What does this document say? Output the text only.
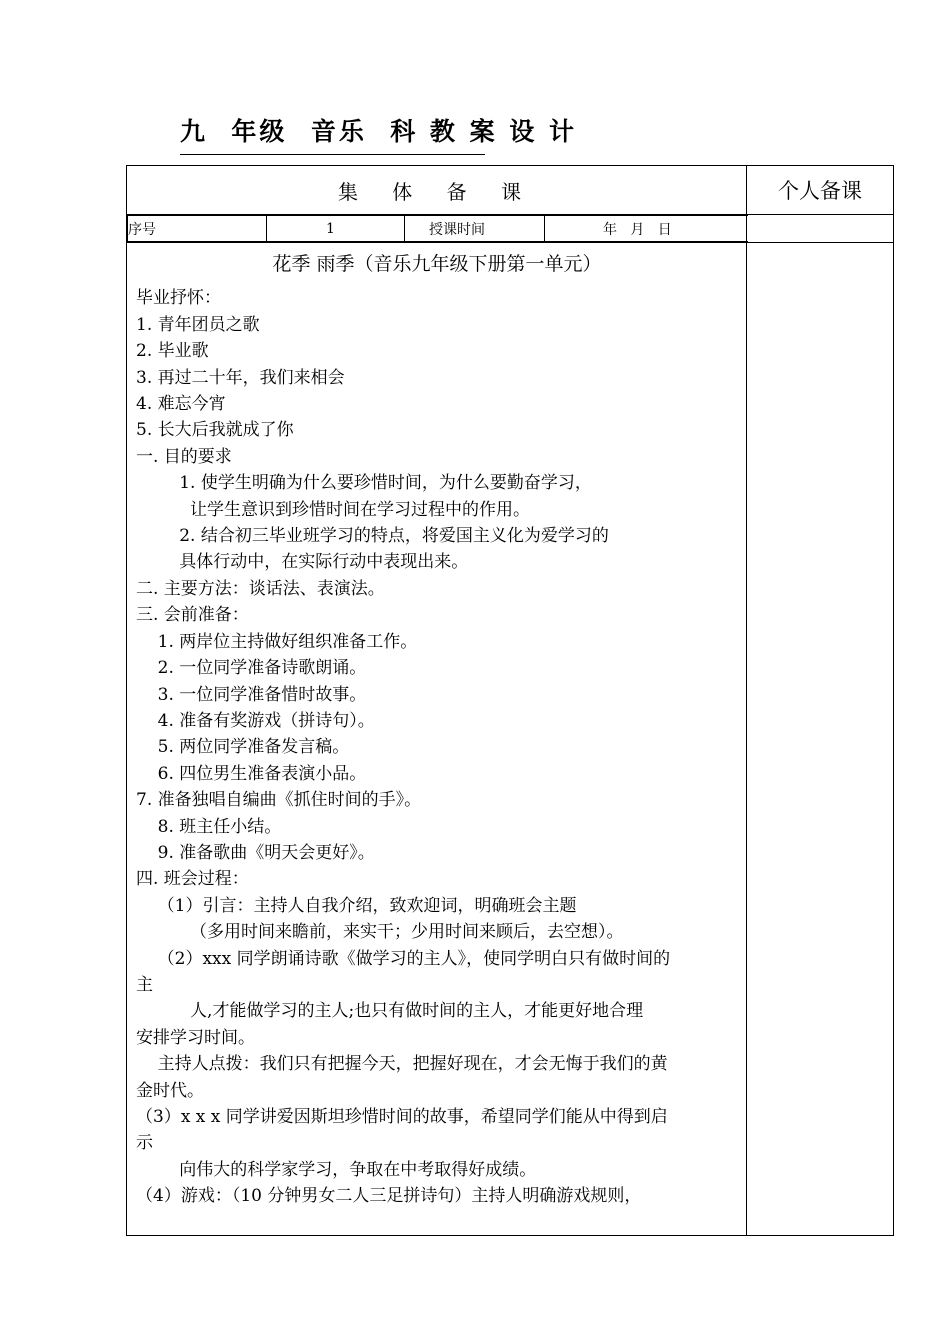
九  年级  音乐  科 教 案 设 计
集 体 备 课	个人备课

序号	1	授课时间	年   月   日

花季 雨季（音乐九年级下册第一单元）
毕业抒怀：
1. 青年团员之歌
2. 毕业歌
3. 再过二十年，我们来相会
4. 难忘今宵
5. 长大后我就成了你
一. 目的要求
1. 使学生明确为什么要珍惜时间，为什么要勤奋学习，
让学生意识到珍惜时间在学习过程中的作用。
2. 结合初三毕业班学习的特点，将爱国主义化为爱学习的
具体行动中，在实际行动中表现出来。
二. 主要方法：谈话法、表演法。
三. 会前准备：
1. 两岸位主持做好组织准备工作。
2. 一位同学准备诗歌朗诵。
3. 一位同学准备惜时故事。
4. 准备有奖游戏（拼诗句）。
5. 两位同学准备发言稿。
6. 四位男生准备表演小品。
7. 准备独唱自编曲《抓住时间的手》。
8. 班主任小结。
9. 准备歌曲《明天会更好》。
四. 班会过程：
（1）引言：主持人自我介绍，致欢迎词，明确班会主题
（多用时间来瞻前，来实干；少用时间来顾后，去空想）。
（2）xxx 同学朗诵诗歌《做学习的主人》，使同学明白只有做时间的
主
人,才能做学习的主人;也只有做时间的主人，才能更好地合理
安排学习时间。
主持人点拨：我们只有把握今天，把握好现在，才会无悔于我们的黄
金时代。
（3）x x x 同学讲爱因斯坦珍惜时间的故事，希望同学们能从中得到启
示
向伟大的科学家学习，争取在中考取得好成绩。
（4）游戏：（10 分钟男女二人三足拼诗句）主持人明确游戏规则，
